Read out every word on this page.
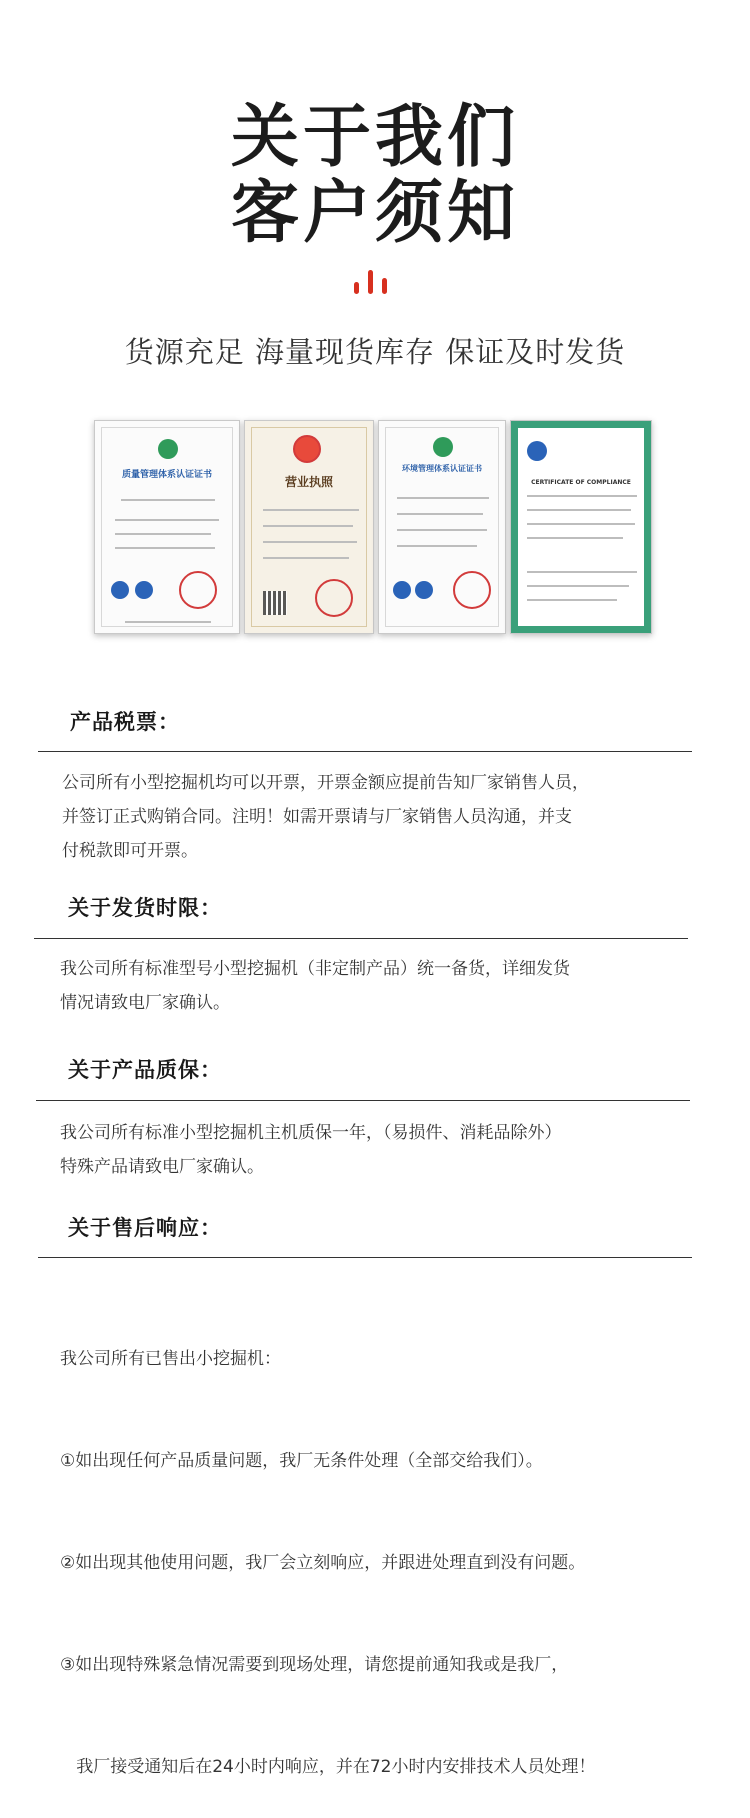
关于我们
客户须知
货源充足 海量现货库存 保证及时发货
质量管理体系认证证书	营业执照
环境管理体系认证证书
CERTIFICATE OF COMPLIANCE
产品税票：
公司所有小型挖掘机均可以开票，开票金额应提前告知厂家销售人员，
并签订正式购销合同。注明！如需开票请与厂家销售人员沟通，并支
付税款即可开票。
关于发货时限：
我公司所有标准型号小型挖掘机（非定制产品）统一备货，详细发货
情况请致电厂家确认。
关于产品质保：
我公司所有标准小型挖掘机主机质保一年，（易损件、消耗品除外）
特殊产品请致电厂家确认。
关于售后响应：

我公司所有已售出小挖掘机：

①如出现任何产品质量问题，我厂无条件处理（全部交给我们）。

②如出现其他使用问题，我厂会立刻响应，并跟进处理直到没有问题。

③如出现特殊紧急情况需要到现场处理，请您提前通知我或是我厂，

我厂接受通知后在24小时内响应，并在72小时内安排技术人员处理！
